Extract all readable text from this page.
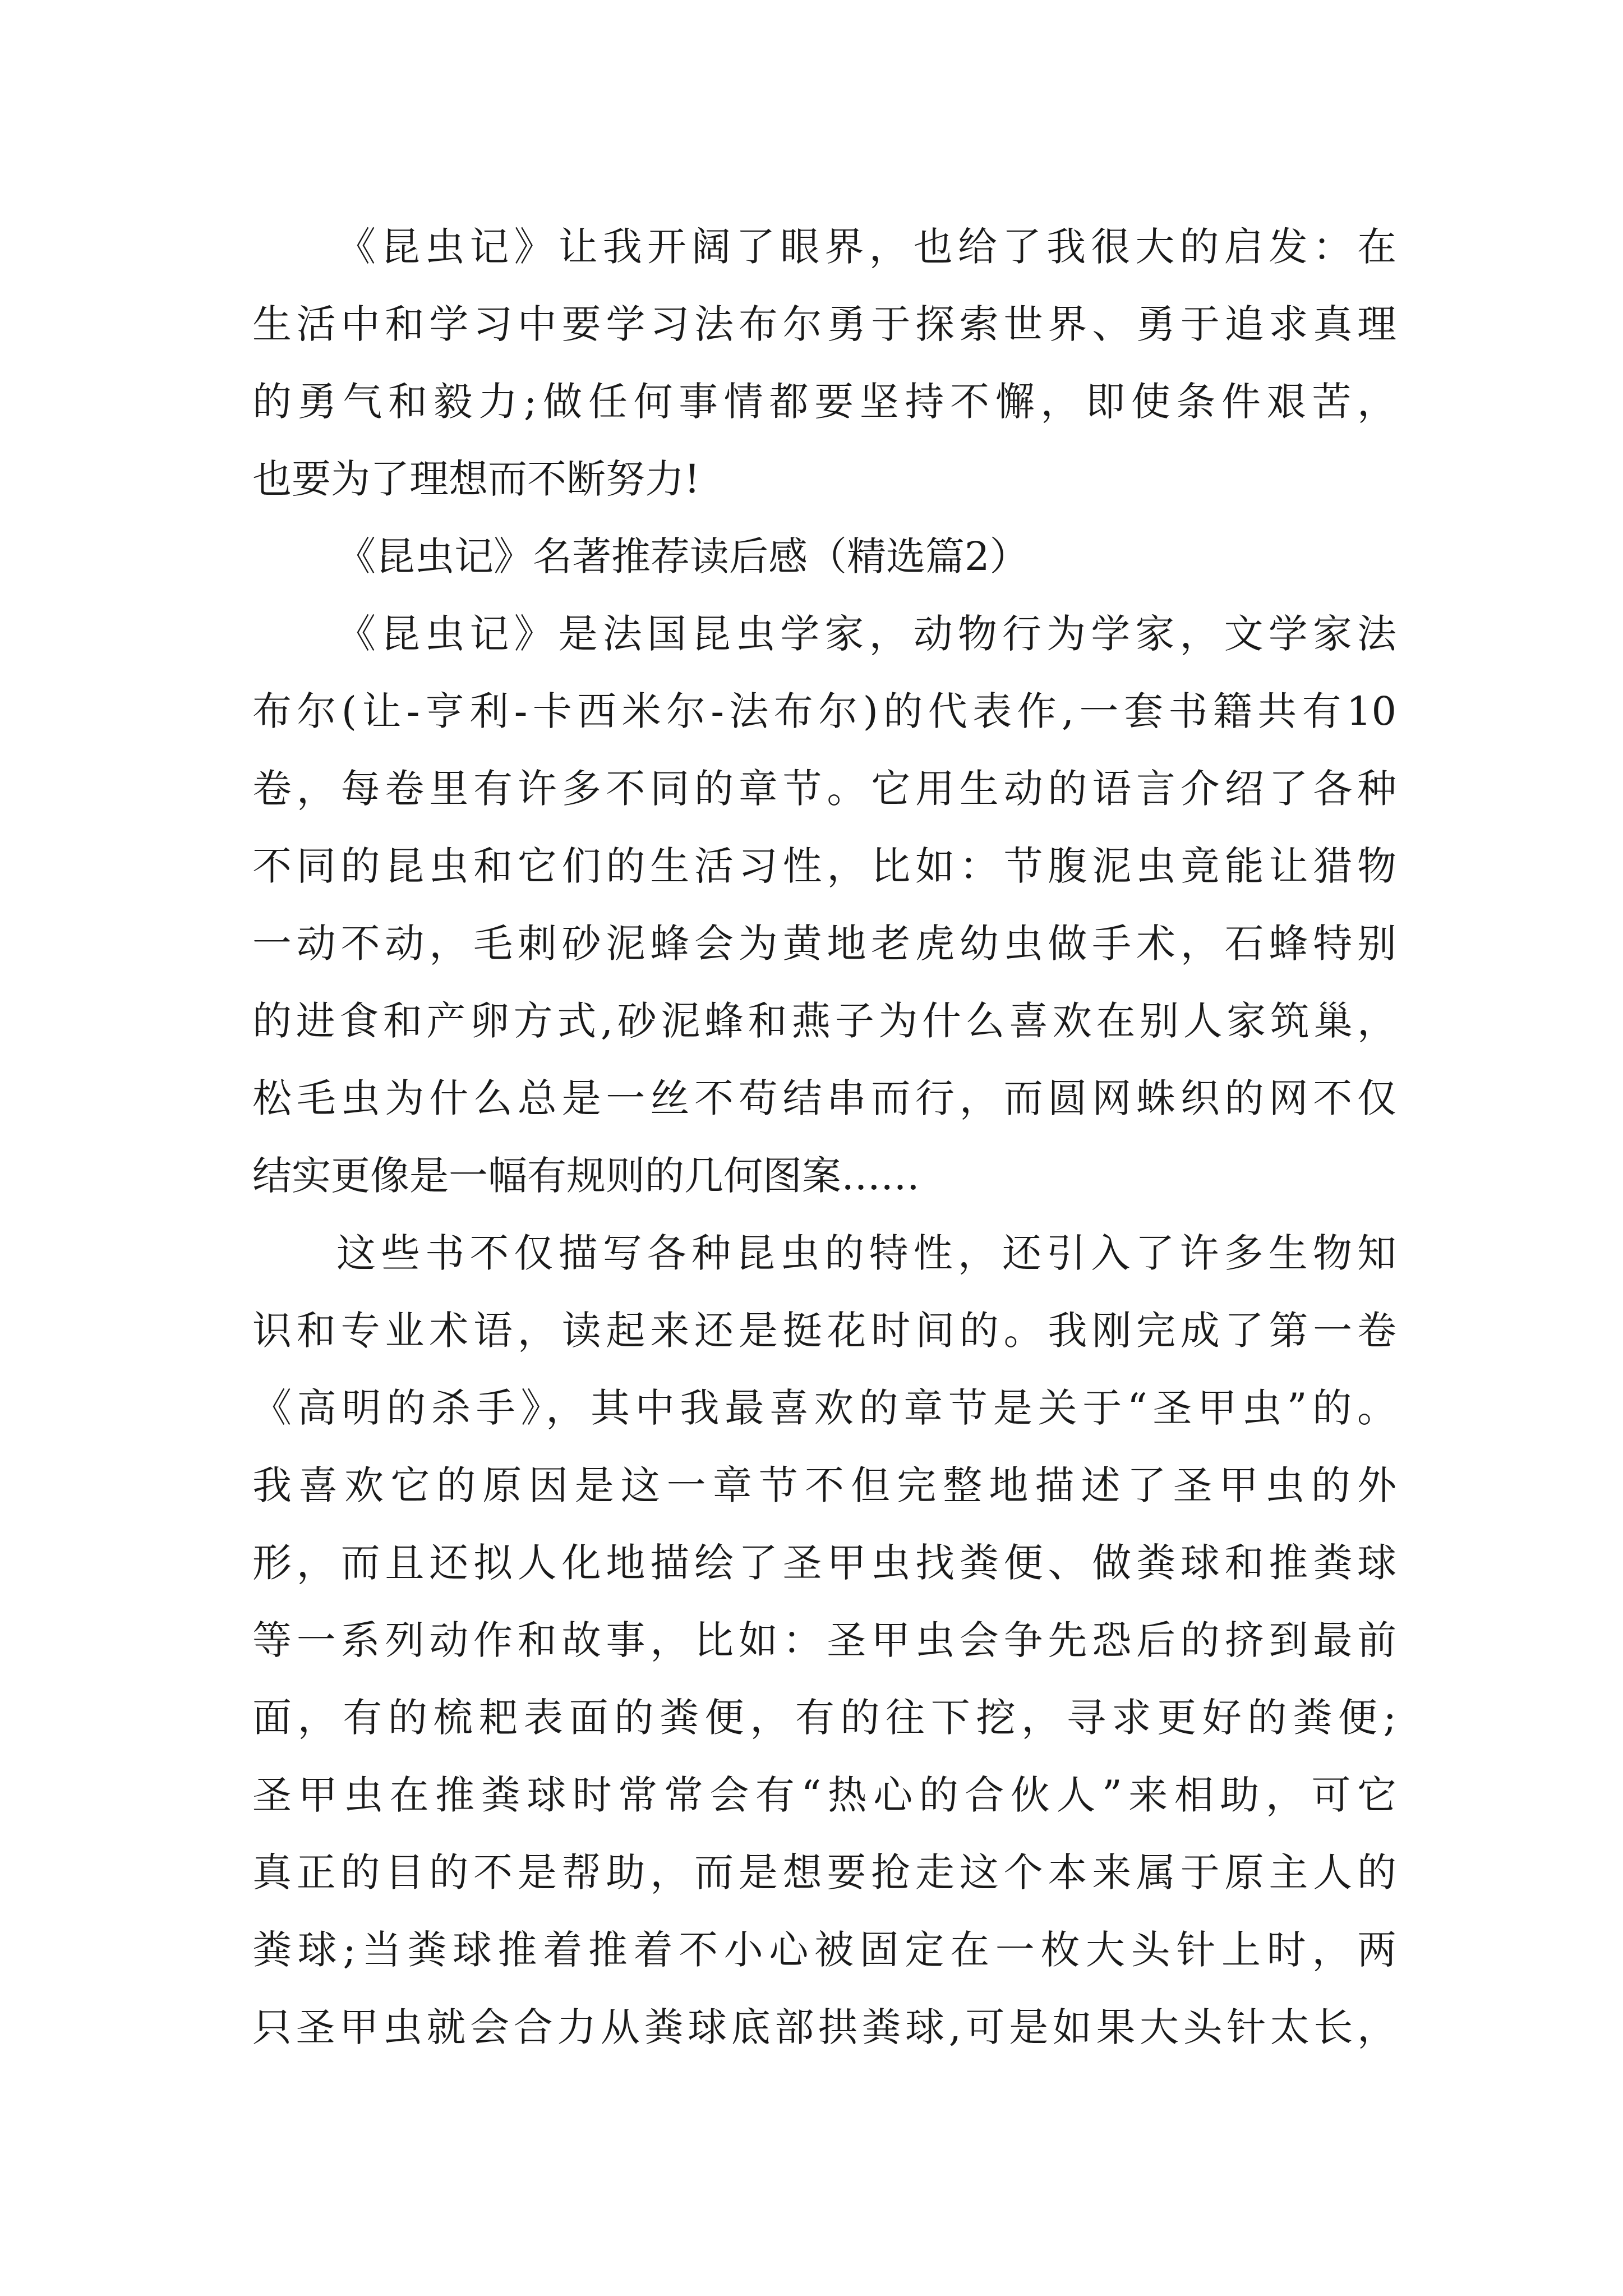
《昆虫记》让我开阔了眼界，也给了我很大的启发：在
生活中和学习中要学习法布尔勇于探索世界、勇于追求真理
的勇气和毅力;做任何事情都要坚持不懈，即使条件艰苦，
也要为了理想而不断努力!
《昆虫记》名著推荐读后感（精选篇2）
《昆虫记》是法国昆虫学家，动物行为学家，文学家法
布尔(让-亨利-卡西米尔-法布尔)的代表作,一套书籍共有10
卷，每卷里有许多不同的章节。它用生动的语言介绍了各种
不同的昆虫和它们的生活习性，比如：节腹泥虫竟能让猎物
一动不动，毛刺砂泥蜂会为黄地老虎幼虫做手术，石蜂特别
的进食和产卵方式,砂泥蜂和燕子为什么喜欢在别人家筑巢，
松毛虫为什么总是一丝不苟结串而行，而圆网蛛织的网不仅
结实更像是一幅有规则的几何图案……
这些书不仅描写各种昆虫的特性，还引入了许多生物知
识和专业术语，读起来还是挺花时间的。我刚完成了第一卷
《高明的杀手》，其中我最喜欢的章节是关于“圣甲虫”的。
我喜欢它的原因是这一章节不但完整地描述了圣甲虫的外
形，而且还拟人化地描绘了圣甲虫找粪便、做粪球和推粪球
等一系列动作和故事，比如：圣甲虫会争先恐后的挤到最前
面，有的梳耙表面的粪便，有的往下挖，寻求更好的粪便;
圣甲虫在推粪球时常常会有“热心的合伙人”来相助，可它
真正的目的不是帮助，而是想要抢走这个本来属于原主人的
粪球;当粪球推着推着不小心被固定在一枚大头针上时，两
只圣甲虫就会合力从粪球底部拱粪球,可是如果大头针太长，
